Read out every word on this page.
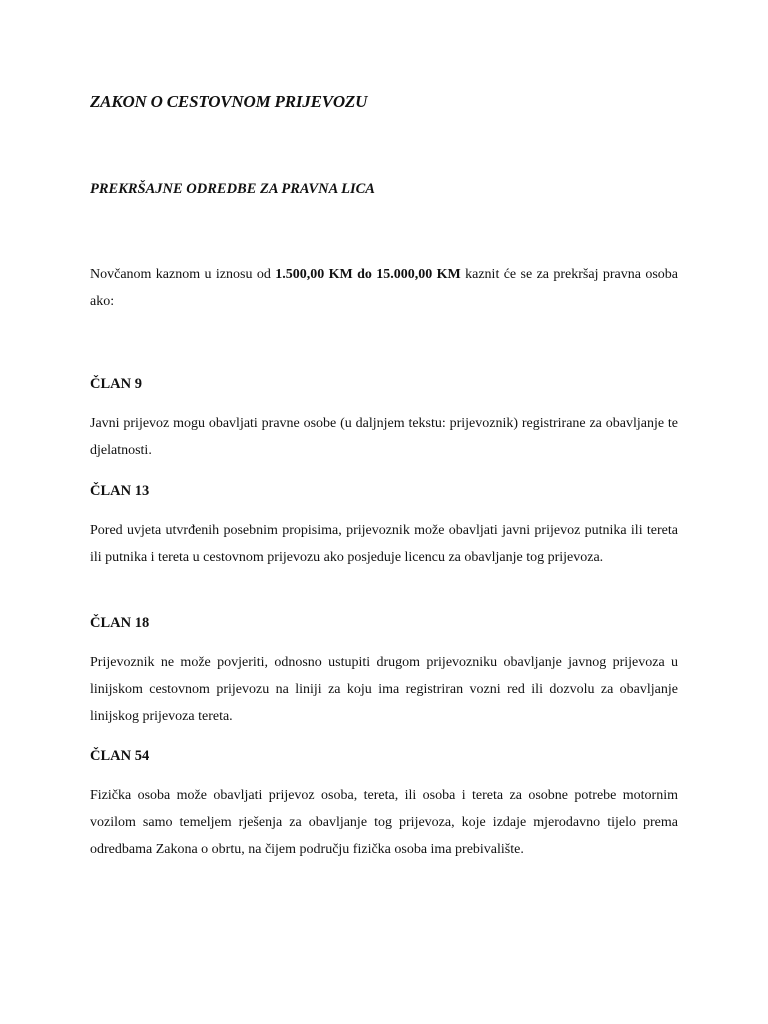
ZAKON O CESTOVNOM PRIJEVOZU
PREKRŠAJNE ODREDBE ZA PRAVNA LICA

Novčanom kaznom u iznosu od 1.500,00 KM do 15.000,00 KM kaznit će se za prekršaj pravna osoba ako:

ČLAN 9

Javni prijevoz mogu obavljati pravne osobe (u daljnjem tekstu: prijevoznik) registrirane za obavljanje te djelatnosti.

ČLAN 13

Pored uvjeta utvrđenih posebnim propisima, prijevoznik može obavljati javni prijevoz putnika ili tereta ili putnika i tereta u cestovnom prijevozu ako posjeduje licencu za obavljanje tog prijevoza.

ČLAN 18

Prijevoznik ne može povjeriti, odnosno ustupiti drugom prijevozniku obavljanje javnog prijevoza u linijskom cestovnom prijevozu na liniji za koju ima registriran vozni red ili dozvolu za obavljanje linijskog prijevoza tereta.

ČLAN 54

Fizička osoba može obavljati prijevoz osoba, tereta, ili osoba i tereta za osobne potrebe motornim vozilom samo temeljem rješenja za obavljanje tog prijevoza, koje izdaje mjerodavno tijelo prema odredbama Zakona o obrtu, na čijem području fizička osoba ima prebivalište.
